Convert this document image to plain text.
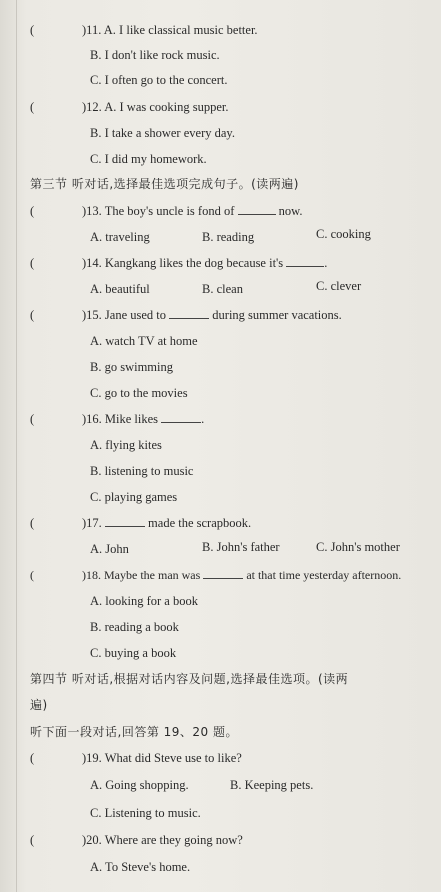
(	)11. A. I like classical music better.
B. I don't like rock music.
C. I often go to the concert.
(	)12. A. I was cooking supper.
B. I take a shower every day.
C. I did my homework.
第三节 听对话,选择最佳选项完成句子。(读两遍)
(	)13. The boy's uncle is fond of	now.
A. traveling	B. reading	C. cooking
(	)14. Kangkang likes the dog because it's	.
A. beautiful	B. clean	C. clever
(	)15. Jane used to	during summer vacations.
A. watch TV at home
B. go swimming
C. go to the movies
(	)16. Mike likes	.
A. flying kites
B. listening to music
C. playing games
(	)17.	made the scrapbook.
A. John	B. John's father	C. John's mother
(	)18. Maybe the man was	at that time yesterday afternoon.
A. looking for a book
B. reading a book
C. buying a book
第四节 听对话,根据对话内容及问题,选择最佳选项。(读两
遍)
听下面一段对话,回答第 19、20 题。
(	)19. What did Steve use to like?
A. Going shopping.	B. Keeping pets.
C. Listening to music.
(	)20. Where are they going now?
A. To Steve's home.
